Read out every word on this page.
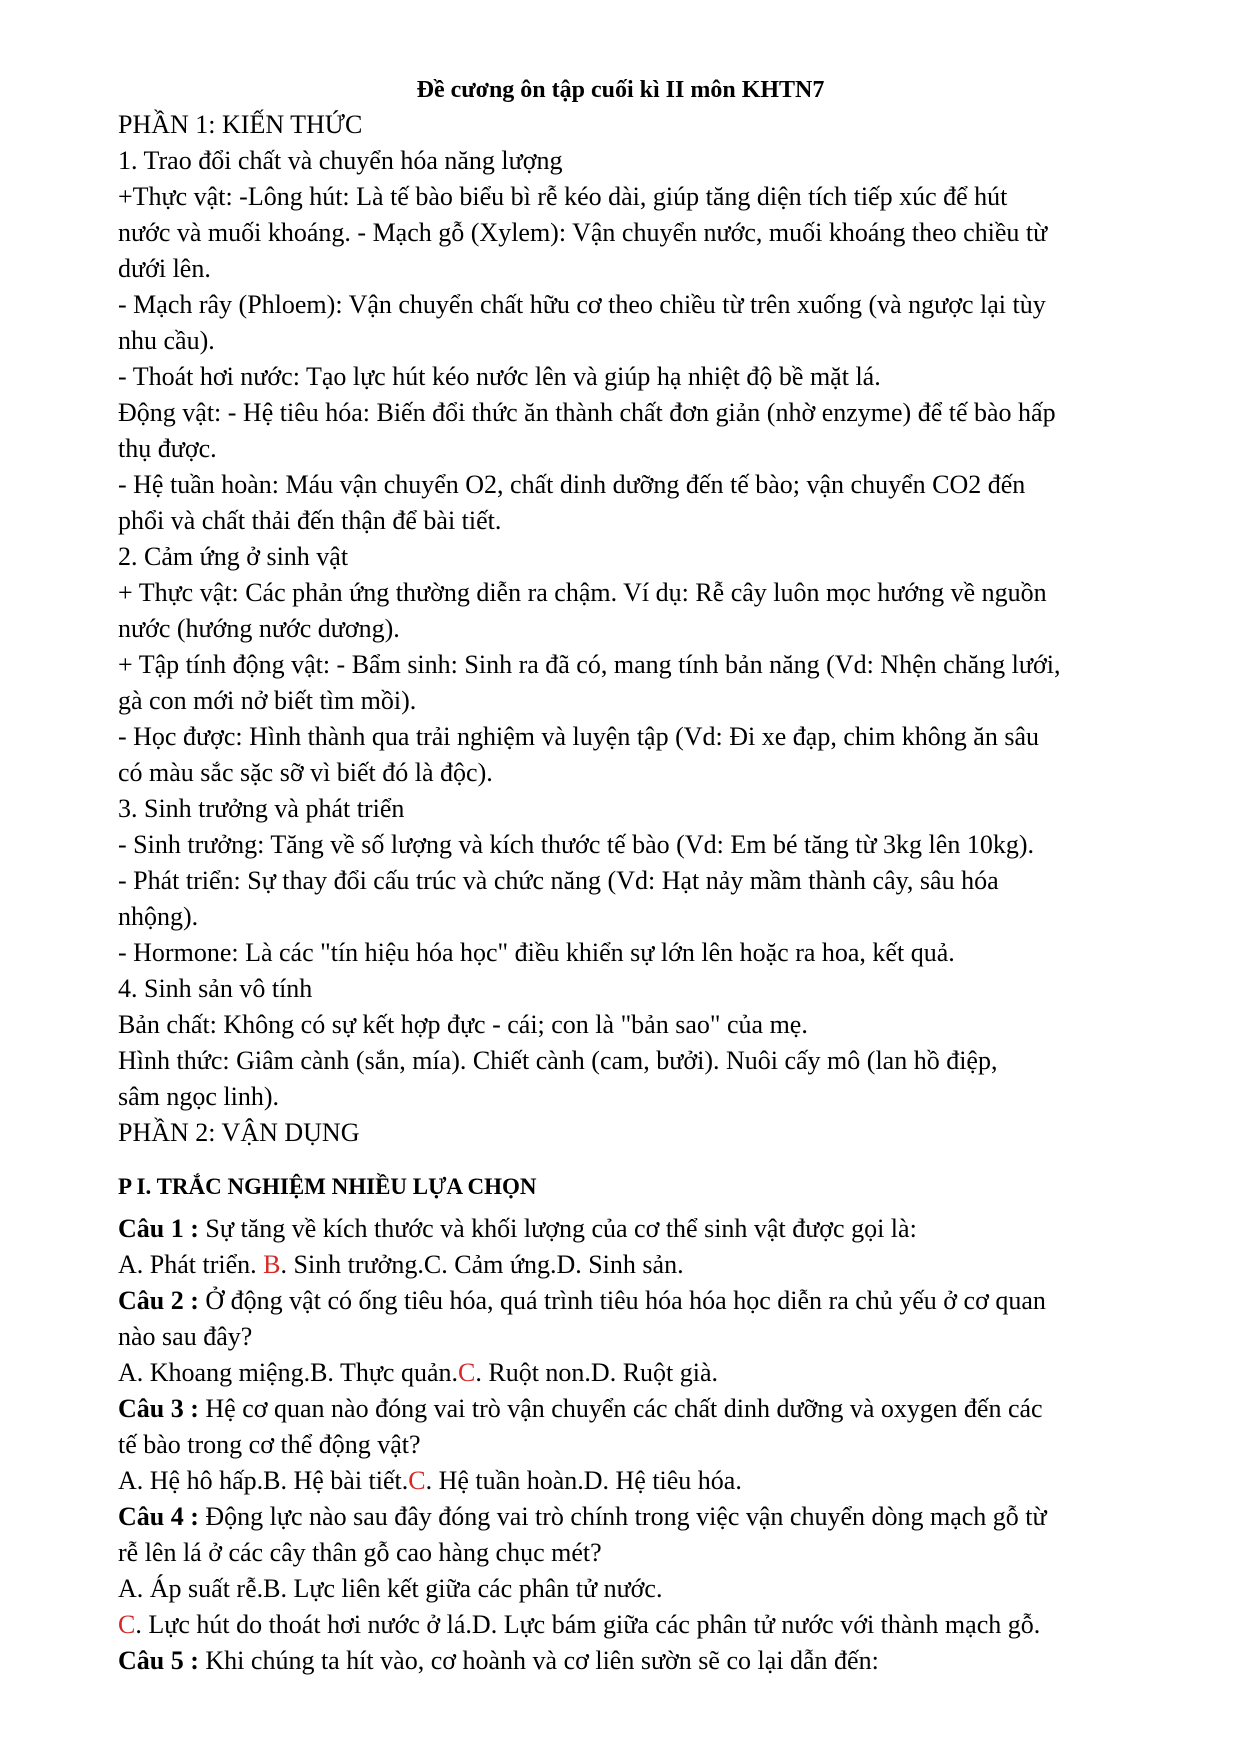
Đề cương ôn tập cuối kì II môn KHTN7
PHẦN 1: KIẾN THỨC
1. Trao đổi chất và chuyển hóa năng lượng
+Thực vật: -Lông hút: Là tế bào biểu bì rễ kéo dài, giúp tăng diện tích tiếp xúc để hút
nước và muối khoáng. - Mạch gỗ (Xylem): Vận chuyển nước, muối khoáng theo chiều từ
dưới lên.
- Mạch rây (Phloem): Vận chuyển chất hữu cơ theo chiều từ trên xuống (và ngược lại tùy
nhu cầu).
- Thoát hơi nước: Tạo lực hút kéo nước lên và giúp hạ nhiệt độ bề mặt lá.
Động vật: - Hệ tiêu hóa: Biến đổi thức ăn thành chất đơn giản (nhờ enzyme) để tế bào hấp
thụ được.
- Hệ tuần hoàn: Máu vận chuyển O2, chất dinh dưỡng đến tế bào; vận chuyển CO2 đến
phổi và chất thải đến thận để bài tiết.
2. Cảm ứng ở sinh vật
+ Thực vật: Các phản ứng thường diễn ra chậm. Ví dụ: Rễ cây luôn mọc hướng về nguồn
nước (hướng nước dương).
+ Tập tính động vật: - Bẩm sinh: Sinh ra đã có, mang tính bản năng (Vd: Nhện chăng lưới,
gà con mới nở biết tìm mồi).
- Học được: Hình thành qua trải nghiệm và luyện tập (Vd: Đi xe đạp, chim không ăn sâu
có màu sắc sặc sỡ vì biết đó là độc).
3. Sinh trưởng và phát triển
- Sinh trưởng: Tăng về số lượng và kích thước tế bào (Vd: Em bé tăng từ 3kg lên 10kg).
- Phát triển: Sự thay đổi cấu trúc và chức năng (Vd: Hạt nảy mầm thành cây, sâu hóa
nhộng).
- Hormone: Là các "tín hiệu hóa học" điều khiển sự lớn lên hoặc ra hoa, kết quả.
4. Sinh sản vô tính
Bản chất: Không có sự kết hợp đực - cái; con là "bản sao" của mẹ.
Hình thức: Giâm cành (sắn, mía). Chiết cành (cam, bưởi). Nuôi cấy mô (lan hồ điệp,
sâm ngọc linh).
PHẦN 2: VẬN DỤNG
P I. TRẮC NGHIỆM NHIỀU LỰA CHỌN
Câu 1 : Sự tăng về kích thước và khối lượng của cơ thể sinh vật được gọi là:
A. Phát triển. B. Sinh trưởng.C. Cảm ứng.D. Sinh sản.
Câu 2 : Ở động vật có ống tiêu hóa, quá trình tiêu hóa hóa học diễn ra chủ yếu ở cơ quan
nào sau đây?
A. Khoang miệng.B. Thực quản.C. Ruột non.D. Ruột già.
Câu 3 : Hệ cơ quan nào đóng vai trò vận chuyển các chất dinh dưỡng và oxygen đến các
tế bào trong cơ thể động vật?
A. Hệ hô hấp.B. Hệ bài tiết.C. Hệ tuần hoàn.D. Hệ tiêu hóa.
Câu 4 : Động lực nào sau đây đóng vai trò chính trong việc vận chuyển dòng mạch gỗ từ
rễ lên lá ở các cây thân gỗ cao hàng chục mét?
A. Áp suất rễ.B. Lực liên kết giữa các phân tử nước.
C. Lực hút do thoát hơi nước ở lá.D. Lực bám giữa các phân tử nước với thành mạch gỗ.
Câu 5 : Khi chúng ta hít vào, cơ hoành và cơ liên sườn sẽ co lại dẫn đến:
